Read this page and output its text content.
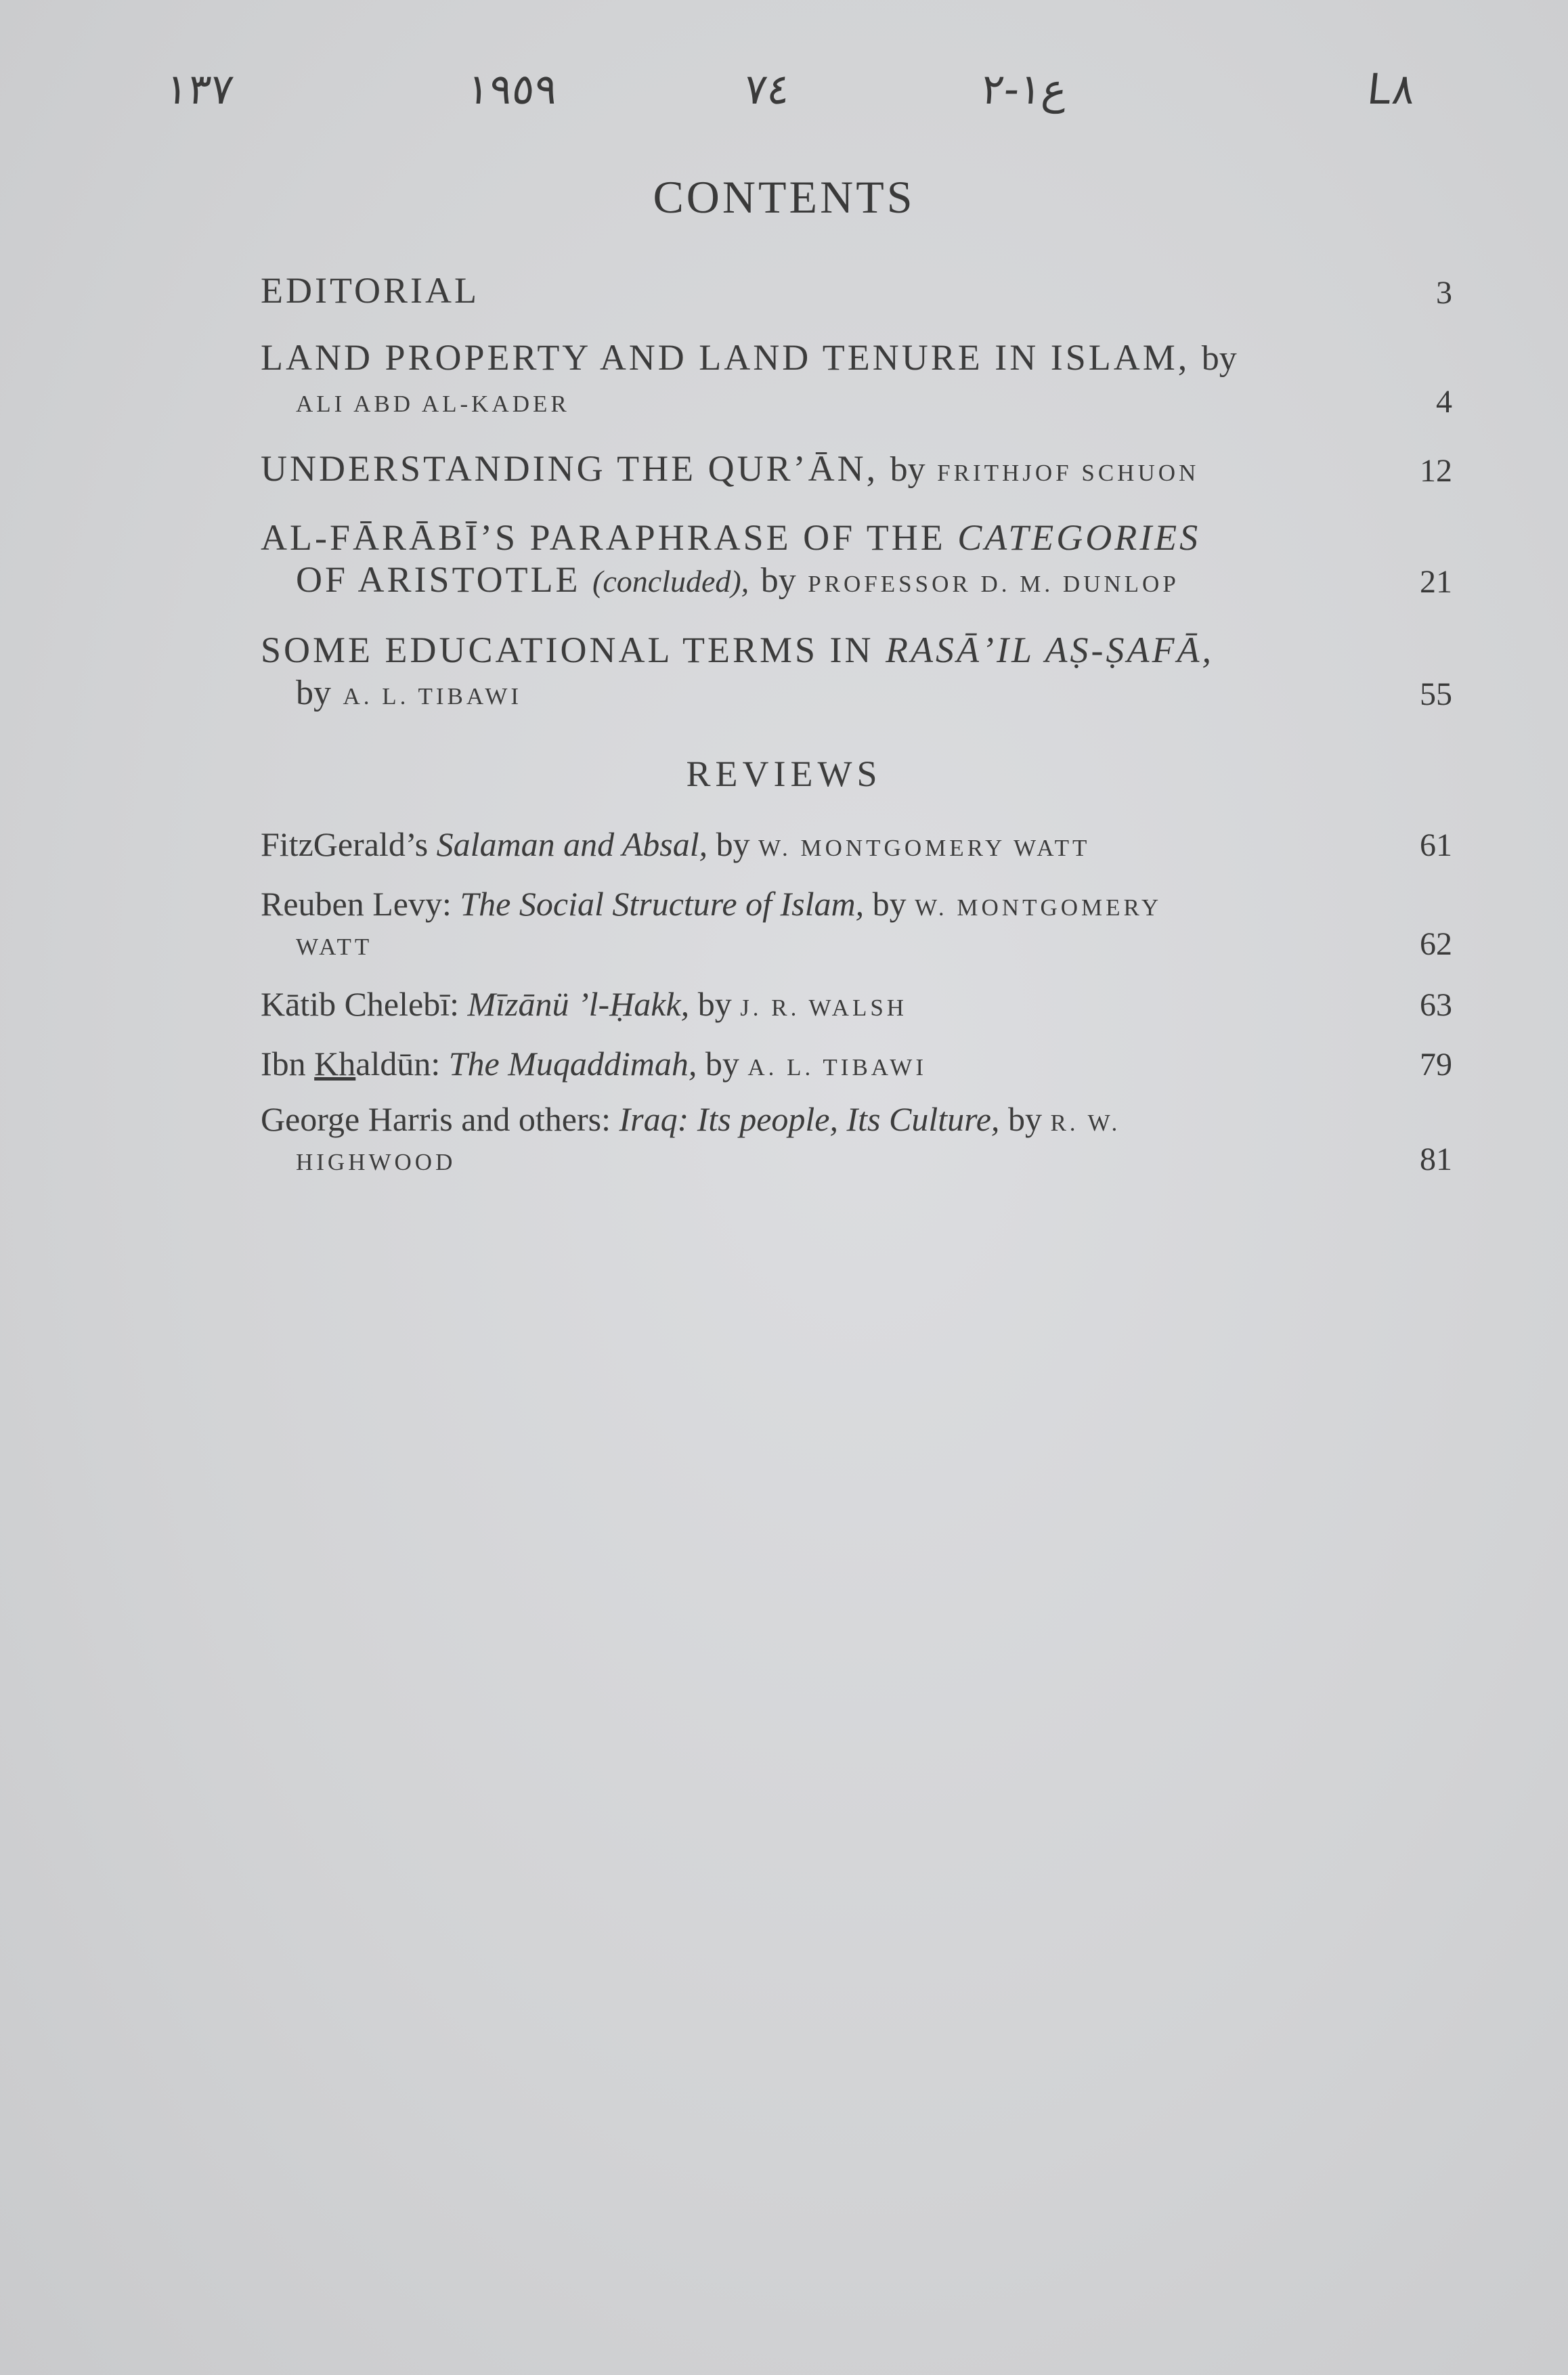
١٣٧	١٩٥٩	٧٤	ع١-٢	L٨
CONTENTS
EDITORIAL	3
LAND PROPERTY AND LAND TENURE IN ISLAM, by
ALI ABD AL-KADER	4
UNDERSTANDING THE QUR’ĀN, by FRITHJOF SCHUON	12
AL-FĀRĀBĪ’S PARAPHRASE OF THE CATEGORIES
OF ARISTOTLE (concluded), by PROFESSOR D. M. DUNLOP	21
SOME EDUCATIONAL TERMS IN RASĀ’IL AṢ-ṢAFĀ,
by A. L. TIBAWI	55
REVIEWS
FitzGerald’s Salaman and Absal, by W. MONTGOMERY WATT	61
Reuben Levy: The Social Structure of Islam, by W. MONTGOMERY
WATT	62
Kātib Chelebī: Mīzānü ’l-Ḥakk, by J. R. WALSH	63
Ibn Khaldūn: The Muqaddimah, by A. L. TIBAWI	79
George Harris and others: Iraq: Its people, Its Culture, by R. W.
HIGHWOOD	81
